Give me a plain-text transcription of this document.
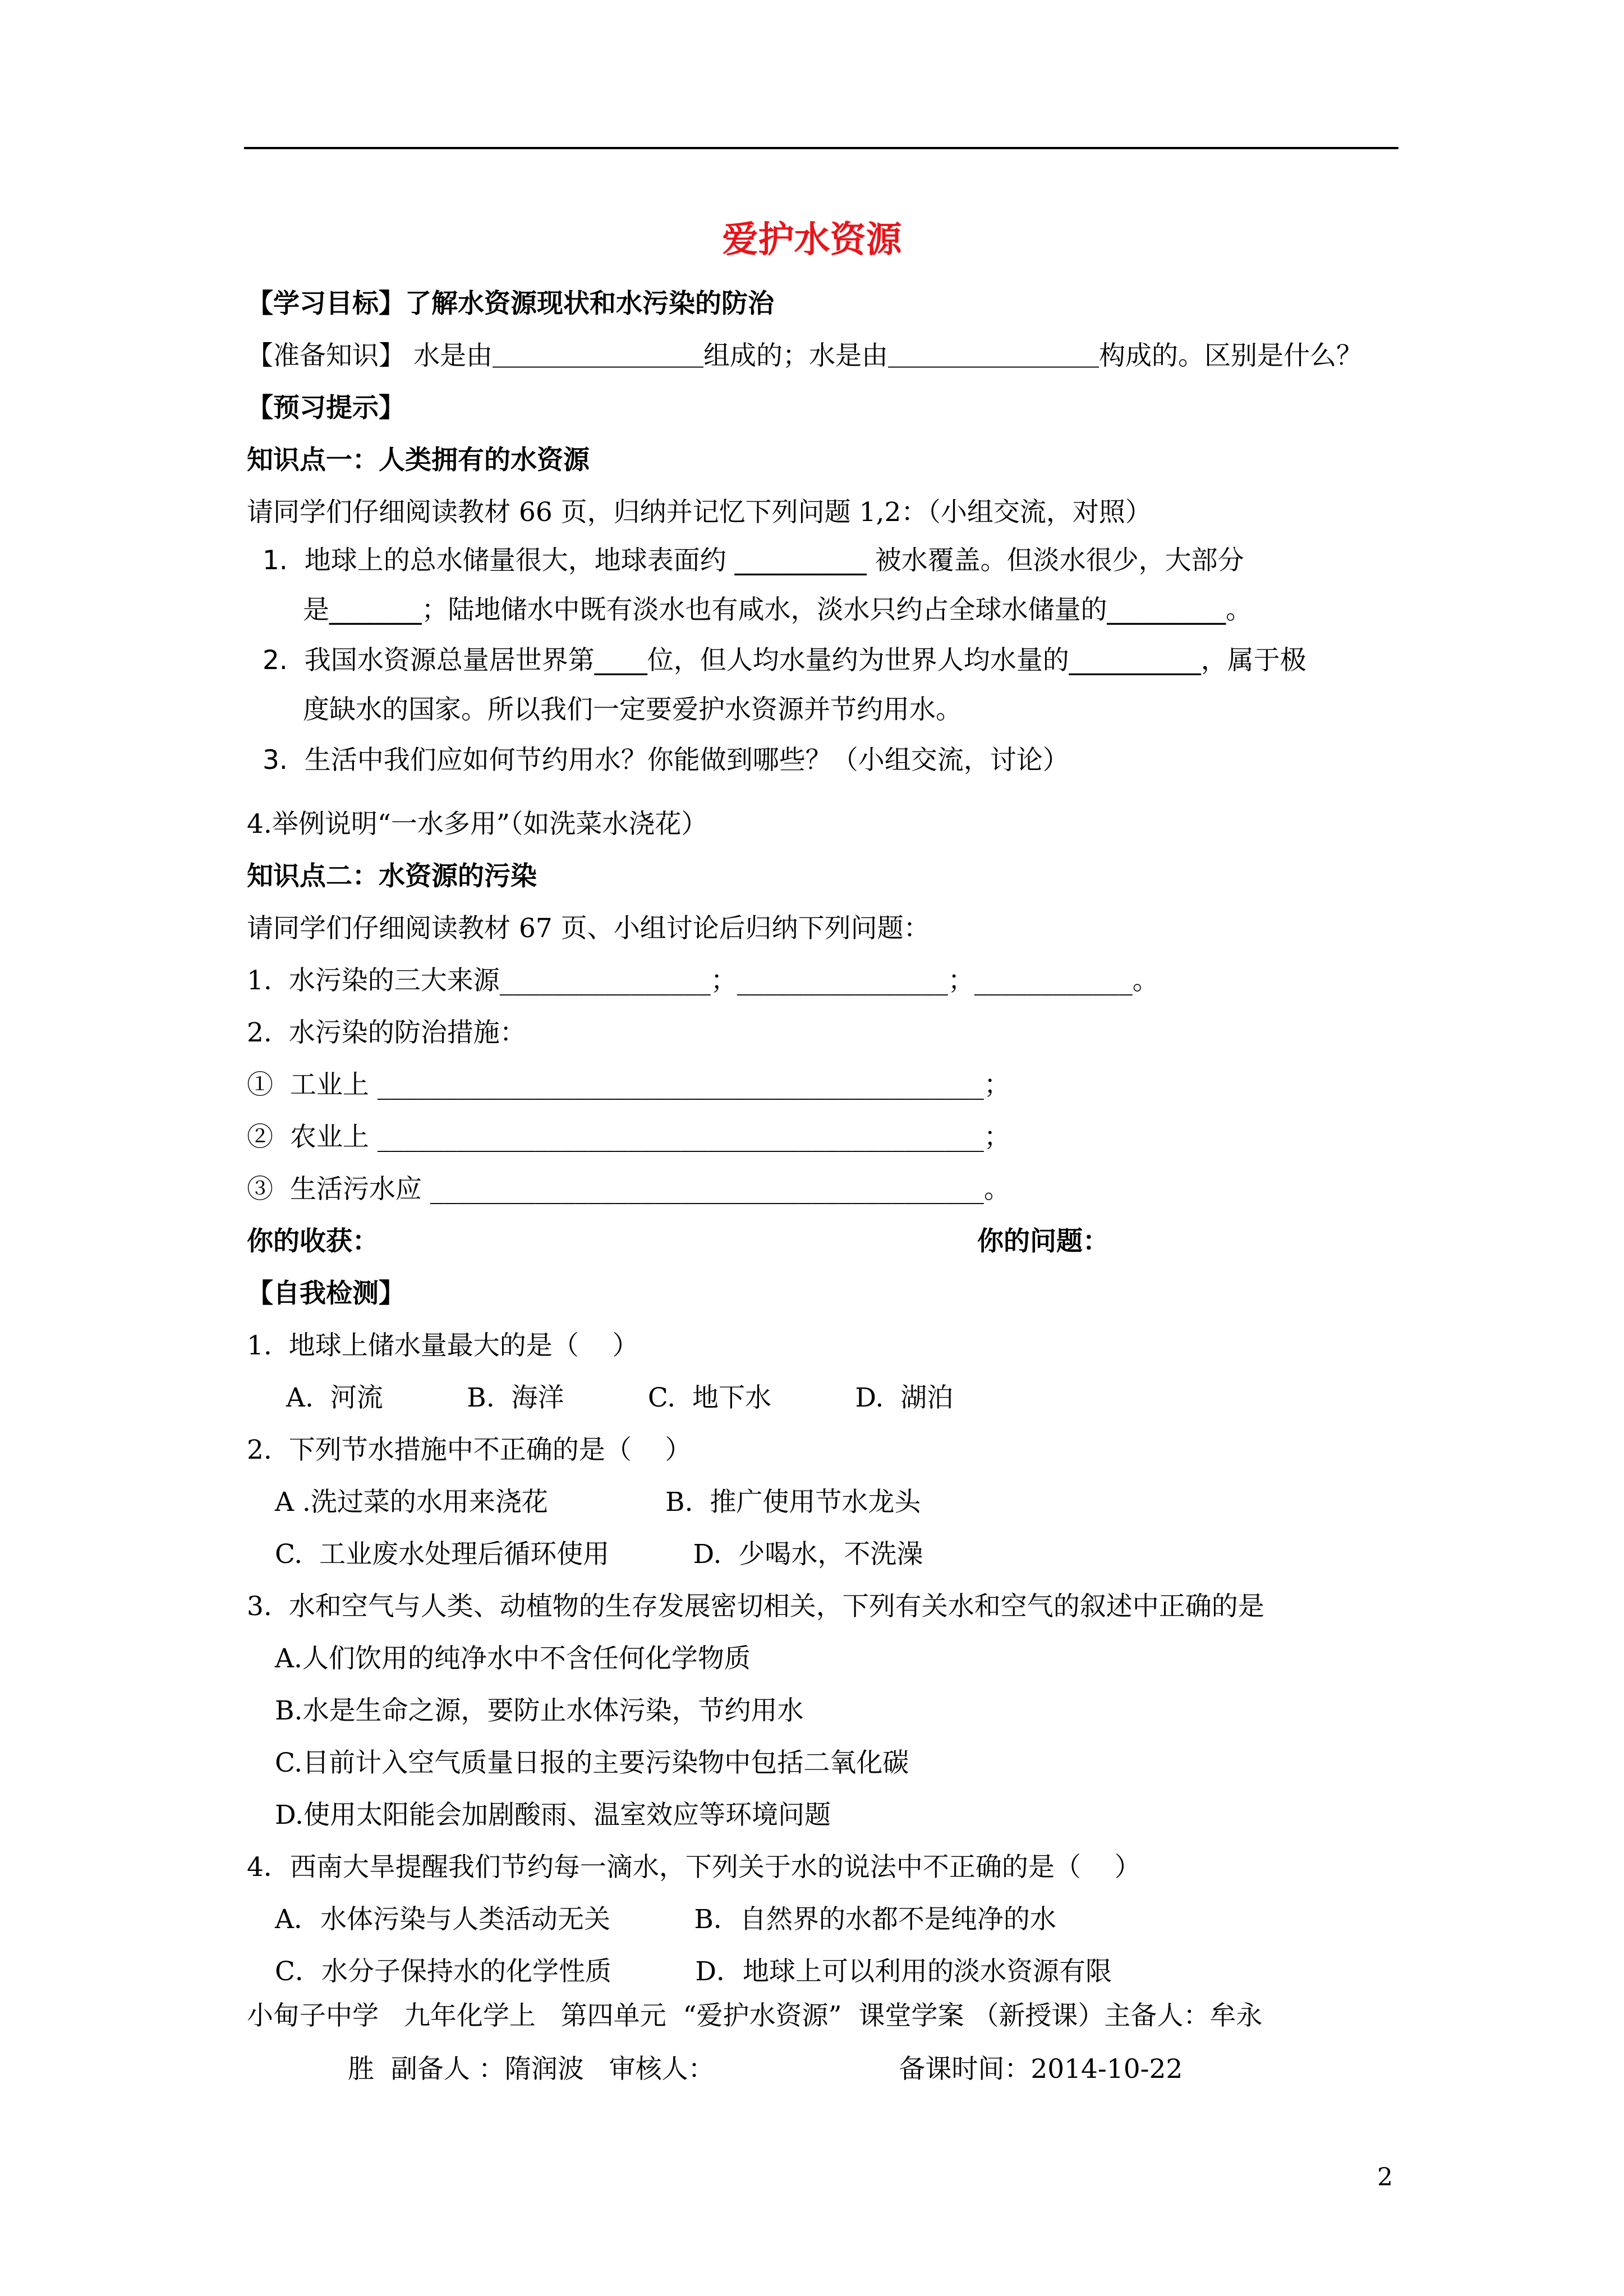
爱护水资源
【学习目标】了解水资源现状和水污染的防治
【准备知识】 水是由＿＿＿＿＿＿＿＿组成的；水是由＿＿＿＿＿＿＿＿构成的。区别是什么？
【预习提示】
知识点一：人类拥有的水资源
请同学们仔细阅读教材 66 页，归纳并记忆下列问题 1,2：（小组交流，对照）
1.  地球上的总水储量很大，地球表面约 __________ 被水覆盖。但淡水很少，大部分
是_______；陆地储水中既有淡水也有咸水，淡水只约占全球水储量的_________。
2.  我国水资源总量居世界第____位，但人均水量约为世界人均水量的__________，属于极
度缺水的国家。所以我们一定要爱护水资源并节约用水。
3.  生活中我们应如何节约用水？你能做到哪些？（小组交流，讨论）
4.举例说明“一水多用”（如洗菜水浇花）
知识点二：水资源的污染
请同学们仔细阅读教材 67 页、小组讨论后归纳下列问题：
1.  水污染的三大来源________________；________________；____________。
2.  水污染的防治措施：
①  工业上 ______________________________________________；
②  农业上 ______________________________________________；
③  生活污水应 __________________________________________。
你的收获：	你的问题：
【自我检测】
1.  地球上储水量最大的是（    ）
A.  河流          B.  海洋          C.  地下水          D.  湖泊
2.  下列节水措施中不正确的是（    ）
A .洗过菜的水用来浇花              B.  推广使用节水龙头
C.  工业废水处理后循环使用          D.  少喝水，不洗澡
3.  水和空气与人类、动植物的生存发展密切相关，下列有关水和空气的叙述中正确的是
A.人们饮用的纯净水中不含任何化学物质
B.水是生命之源，要防止水体污染，节约用水
C.目前计入空气质量日报的主要污染物中包括二氧化碳
D.使用太阳能会加剧酸雨、温室效应等环境问题
4．西南大旱提醒我们节约每一滴水，下列关于水的说法中不正确的是（    ）
A．水体污染与人类活动无关          B．自然界的水都不是纯净的水
C．水分子保持水的化学性质          D．地球上可以利用的淡水资源有限
小甸子中学   九年化学上   第四单元  “爱护水资源”  课堂学案 （新授课）主备人：牟永
胜  副备人 ：隋润波   审核人：                      备课时间：2014-10-22
2
